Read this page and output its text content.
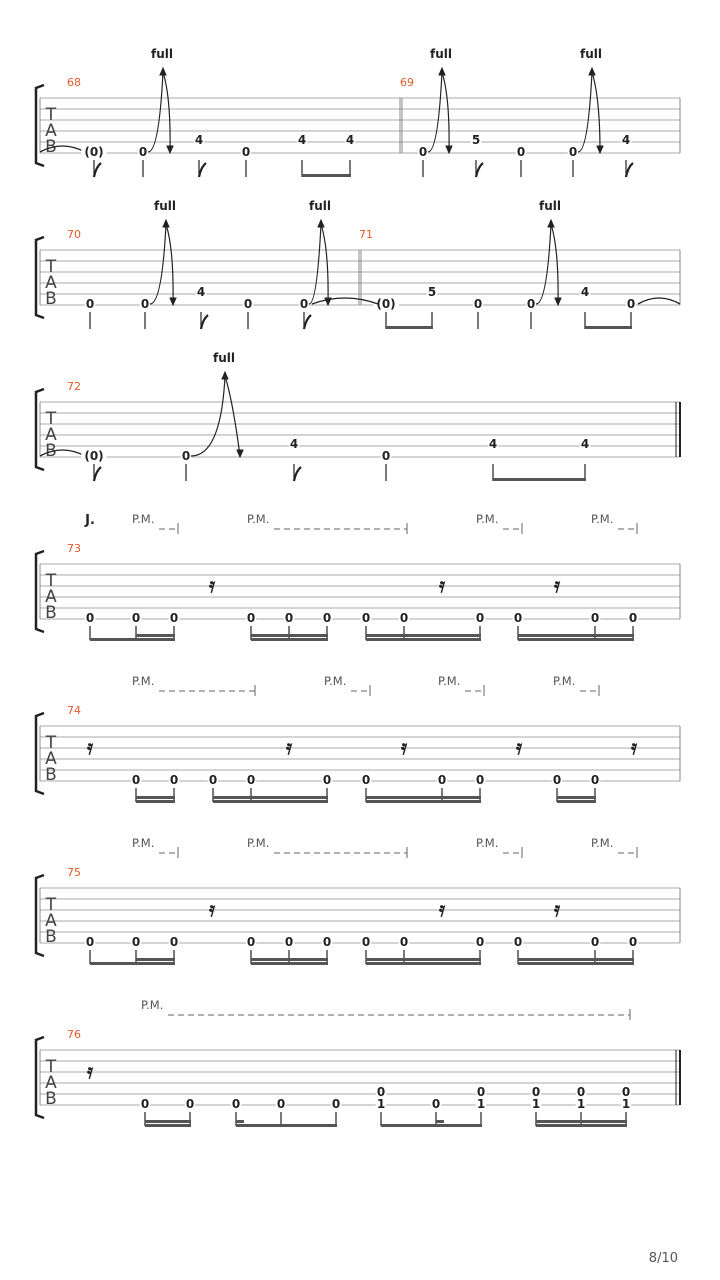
T
A
B
68	69
(0)	0
4
0
4	4
0
5
0	0
4
full	full	full
T
A
B
70	71
0	0
4
0	0	(0)
5
0	0
4
0
full	full	full
T
A
B
72
(0)	0
4
0
4	4
full
J.
T
A
B
73
P.M.	P.M.	P.M.	P.M.
𝄿	𝄿	𝄿
0	0 0	0 0 0	0 0	0 0	0 0
T
A
B
74
P.M.	P.M.	P.M.	P.M.
𝄿	𝄿	𝄿	𝄿	𝄿
0 0	0 0	0	0	0 0	0 0
T
A
B
75
P.M.	P.M.	P.M.	P.M.
𝄿	𝄿	𝄿
0	0 0	0 0 0	0 0	0 0	0 0
T
A
B
76
P.M.
𝄿
0	0	0	0	0
0	0	0	0	0	1	0	1	1	1	1
8/10
